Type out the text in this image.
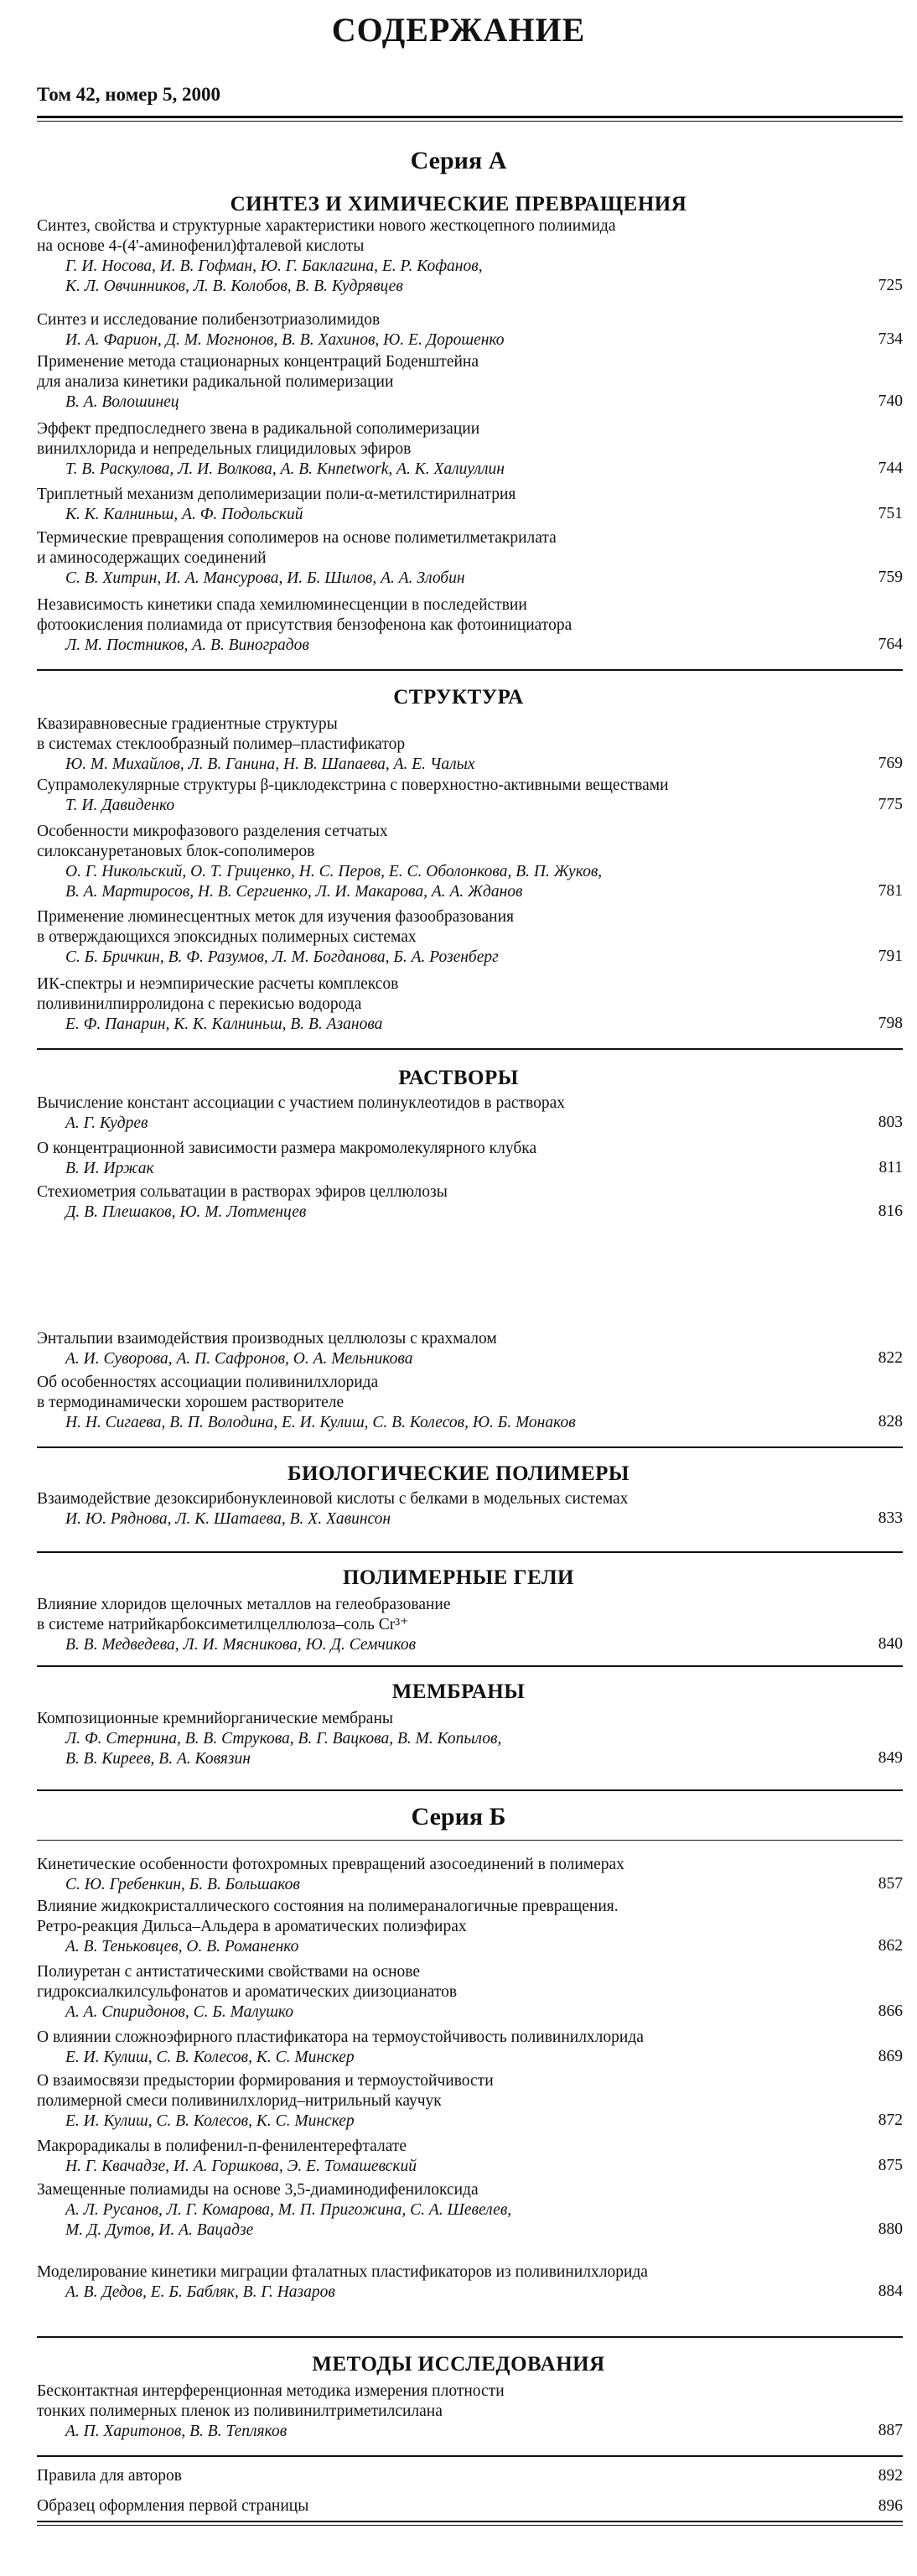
СОДЕРЖАНИЕ
Том 42, номер 5, 2000
Серия А
СИНТЕЗ И ХИМИЧЕСКИЕ ПРЕВРАЩЕНИЯ
Синтез, свойства и структурные характеристики нового жесткоцепного полиимида
на основе 4-(4'-аминофенил)фталевой кислоты
Г. И. Носова, И. В. Гофман, Ю. Г. Баклагина, Е. Р. Кофанов,
К. Л. Овчинников, Л. В. Колобов, В. В. Кудрявцев	725
Синтез и исследование полибензотриазолимидов
И. А. Фарион, Д. М. Могнонов, В. В. Хахинов, Ю. Е. Дорошенко	734
Применение метода стационарных концентраций Боденштейна
для анализа кинетики радикальной полимеризации
В. А. Волошинец	740
Эффект предпоследнего звена в радикальной сополимеризации
винилхлорида и непредельных глицидиловых эфиров
Т. В. Раскулова, Л. И. Волкова, А. В. Кнnetwork, А. К. Халиуллин	744
Триплетный механизм деполимеризации поли-α-метилстирилнатрия
К. К. Калниньш, А. Ф. Подольский	751
Термические превращения сополимеров на основе полиметилметакрилата
и аминосодержащих соединений
С. В. Хитрин, И. А. Мансурова, И. Б. Шилов, А. А. Злобин	759
Независимость кинетики спада хемилюминесценции в последействии
фотоокисления полиамида от присутствия бензофенона как фотоинициатора
Л. М. Постников, А. В. Виноградов	764
СТРУКТУРА
Квазиравновесные градиентные структуры
в системах стеклообразный полимер–пластификатор
Ю. М. Михайлов, Л. В. Ганина, Н. В. Шапаева, А. Е. Чалых	769
Супрамолекулярные структуры β-циклодекстрина с поверхностно-активными веществами
Т. И. Давиденко	775
Особенности микрофазового разделения сетчатых
силоксануретановых блок-сополимеров
О. Г. Никольский, О. Т. Гриценко, Н. С. Перов, Е. С. Оболонкова, В. П. Жуков,
В. А. Мартиросов, Н. В. Сергиенко, Л. И. Макарова, А. А. Жданов	781
Применение люминесцентных меток для изучения фазообразования
в отверждающихся эпоксидных полимерных системах
С. Б. Бричкин, В. Ф. Разумов, Л. М. Богданова, Б. А. Розенберг	791
ИК-спектры и неэмпирические расчеты комплексов
поливинилпирролидона с перекисью водорода
Е. Ф. Панарин, К. К. Калниньш, В. В. Азанова	798
РАСТВОРЫ
Вычисление констант ассоциации с участием полинуклеотидов в растворах
А. Г. Кудрев	803
О концентрационной зависимости размера макромолекулярного клубка
В. И. Иржак	811
Стехиометрия сольватации в растворах эфиров целлюлозы
Д. В. Плешаков, Ю. М. Лотменцев	816
Энтальпии взаимодействия производных целлюлозы с крахмалом
А. И. Суворова, А. П. Сафронов, О. А. Мельникова	822
Об особенностях ассоциации поливинилхлорида
в термодинамически хорошем растворителе
Н. Н. Сигаева, В. П. Володина, Е. И. Кулиш, С. В. Колесов, Ю. Б. Монаков	828
БИОЛОГИЧЕСКИЕ ПОЛИМЕРЫ
Взаимодействие дезоксирибонуклеиновой кислоты с белками в модельных системах
И. Ю. Ряднова, Л. К. Шатаева, В. Х. Хавинсон	833
ПОЛИМЕРНЫЕ ГЕЛИ
Влияние хлоридов щелочных металлов на гелеобразование
в системе натрийкарбоксиметилцеллюлоза–соль Cr³⁺
В. В. Медведева, Л. И. Мясникова, Ю. Д. Семчиков	840
МЕМБРАНЫ
Композиционные кремнийорганические мембраны
Л. Ф. Стернина, В. В. Струкова, В. Г. Вацкова, В. М. Копылов,
В. В. Киреев, В. А. Ковязин	849
Серия Б
Кинетические особенности фотохромных превращений азосоединений в полимерах
С. Ю. Гребенкин, Б. В. Большаков	857
Влияние жидкокристаллического состояния на полимераналогичные превращения.
Ретро-реакция Дильса–Альдера в ароматических полиэфирах
А. В. Теньковцев, О. В. Романенко	862
Полиуретан с антистатическими свойствами на основе
гидроксиалкилсульфонатов и ароматических диизоцианатов
А. А. Спиридонов, С. Б. Малушко	866
О влиянии сложноэфирного пластификатора на термоустойчивость поливинилхлорида
Е. И. Кулиш, С. В. Колесов, К. С. Минскер	869
О взаимосвязи предыстории формирования и термоустойчивости
полимерной смеси поливинилхлорид–нитрильный каучук
Е. И. Кулиш, С. В. Колесов, К. С. Минскер	872
Макрорадикалы в полифенил-п-фенилентерефталате
Н. Г. Квачадзе, И. А. Горшкова, Э. Е. Томашевский	875
Замещенные полиамиды на основе 3,5-диаминодифенилоксида
А. Л. Русанов, Л. Г. Комарова, М. П. Пригожина, С. А. Шевелев,
М. Д. Дутов, И. А. Вацадзе	880
Моделирование кинетики миграции фталатных пластификаторов из поливинилхлорида
А. В. Дедов, Е. Б. Бабляк, В. Г. Назаров	884
МЕТОДЫ ИССЛЕДОВАНИЯ
Бесконтактная интерференционная методика измерения плотности
тонких полимерных пленок из поливинилтриметилсилана
А. П. Харитонов, В. В. Тепляков	887
Правила для авторов	892
Образец оформления первой страницы	896
